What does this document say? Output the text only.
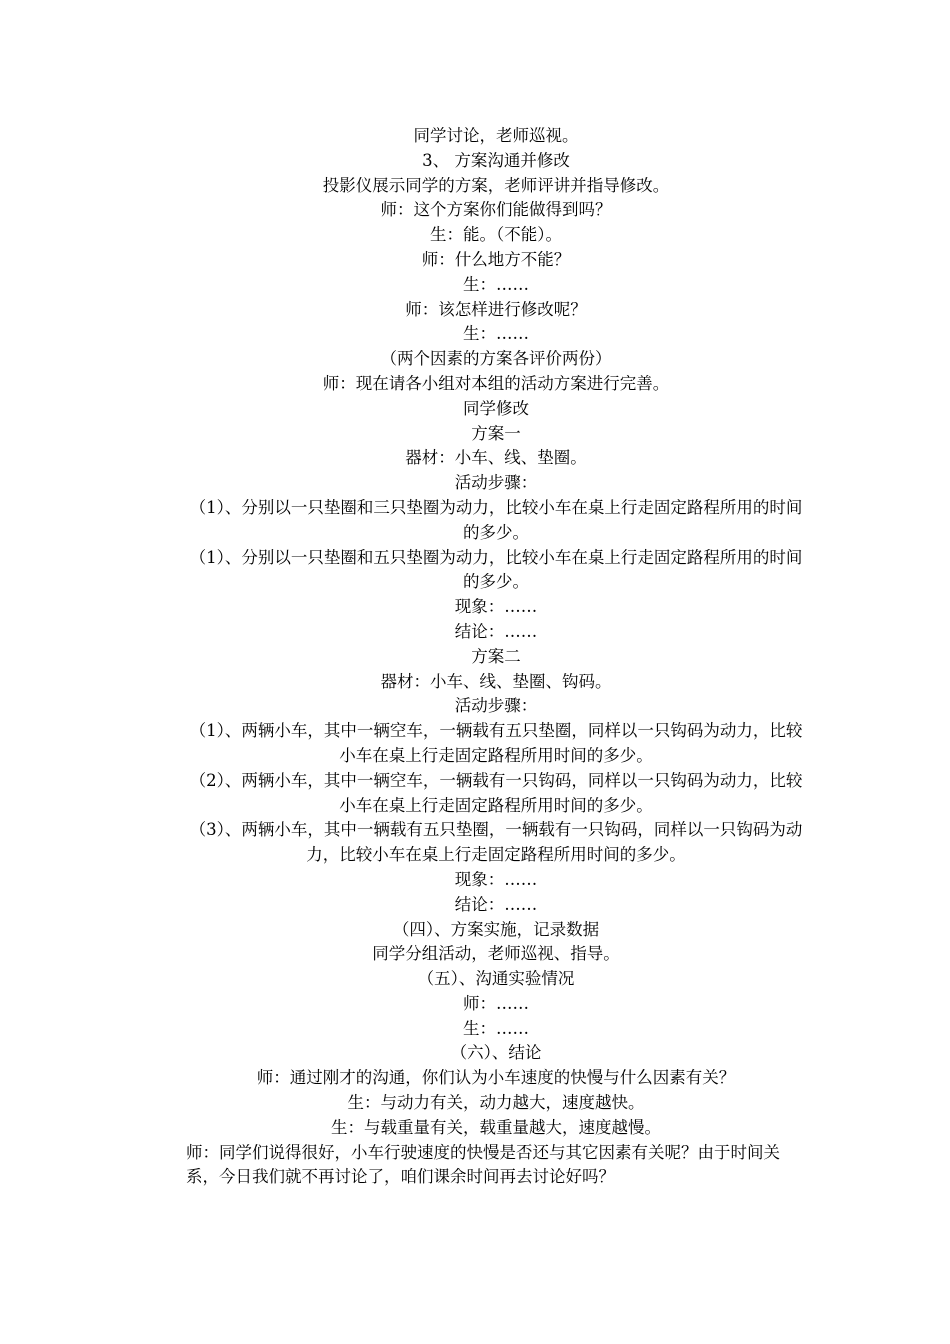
同学讨论，老师巡视。

3、 方案沟通并修改

投影仪展示同学的方案，老师评讲并指导修改。

师：这个方案你们能做得到吗？

生：能。（不能）。

师：什么地方不能？

生：……

师：该怎样进行修改呢？

生：……

（两个因素的方案各评价两份）

师：现在请各小组对本组的活动方案进行完善。

同学修改

方案一

器材：小车、线、垫圈。

活动步骤：

（1）、分别以一只垫圈和三只垫圈为动力，比较小车在桌上行走固定路程所用的时间的多少。

（1）、分别以一只垫圈和五只垫圈为动力，比较小车在桌上行走固定路程所用的时间的多少。

现象：……

结论：……

方案二

器材：小车、线、垫圈、钩码。

活动步骤：

（1）、两辆小车，其中一辆空车，一辆载有五只垫圈，同样以一只钩码为动力，比较小车在桌上行走固定路程所用时间的多少。

（2）、两辆小车，其中一辆空车，一辆载有一只钩码，同样以一只钩码为动力，比较小车在桌上行走固定路程所用时间的多少。

（3）、两辆小车，其中一辆载有五只垫圈，一辆载有一只钩码，同样以一只钩码为动力，比较小车在桌上行走固定路程所用时间的多少。

现象：……

结论：……

（四）、方案实施，记录数据

同学分组活动，老师巡视、指导。

（五）、沟通实验情况

师：……

生：……

（六）、结论

师：通过刚才的沟通，你们认为小车速度的快慢与什么因素有关？

生：与动力有关，动力越大，速度越快。

生：与载重量有关，载重量越大，速度越慢。

师：同学们说得很好，小车行驶速度的快慢是否还与其它因素有关呢？由于时间关系，今日我们就不再讨论了，咱们课余时间再去讨论好吗？
